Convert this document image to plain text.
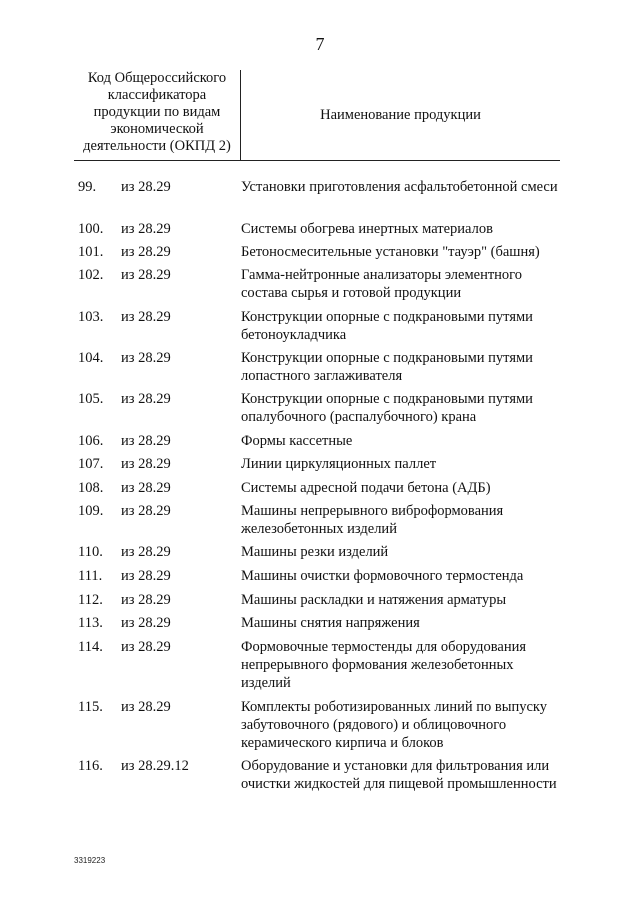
7
Код Общероссийского
классификатора
продукции по видам
экономической
деятельности (ОКПД 2)
Наименование продукции
99.	из 28.29	Установки приготовления асфальтобетонной смеси
100.	из 28.29	Системы обогрева инертных материалов
101.	из 28.29	Бетоносмесительные установки "тауэр" (башня)
102.	из 28.29	Гамма-нейтронные анализаторы элементного состава сырья и готовой продукции
103.	из 28.29	Конструкции опорные с подкрановыми путями бетоноукладчика
104.	из 28.29	Конструкции опорные с подкрановыми путями лопастного заглаживателя
105.	из 28.29	Конструкции опорные с подкрановыми путями опалубочного (распалубочного) крана
106.	из 28.29	Формы кассетные
107.	из 28.29	Линии циркуляционных паллет
108.	из 28.29	Системы адресной подачи бетона (АДБ)
109.	из 28.29	Машины непрерывного виброформования железобетонных изделий
110.	из 28.29	Машины резки изделий
111.	из 28.29	Машины очистки формовочного термостенда
112.	из 28.29	Машины раскладки и натяжения арматуры
113.	из 28.29	Машины снятия напряжения
114.	из 28.29	Формовочные термостенды для оборудования непрерывного формования железобетонных изделий
115.	из 28.29	Комплекты роботизированных линий по выпуску забутовочного (рядового) и облицовочного керамического кирпича и блоков
116.	из 28.29.12	Оборудование и установки для фильтрования или очистки жидкостей для пищевой промышленности
3319223
